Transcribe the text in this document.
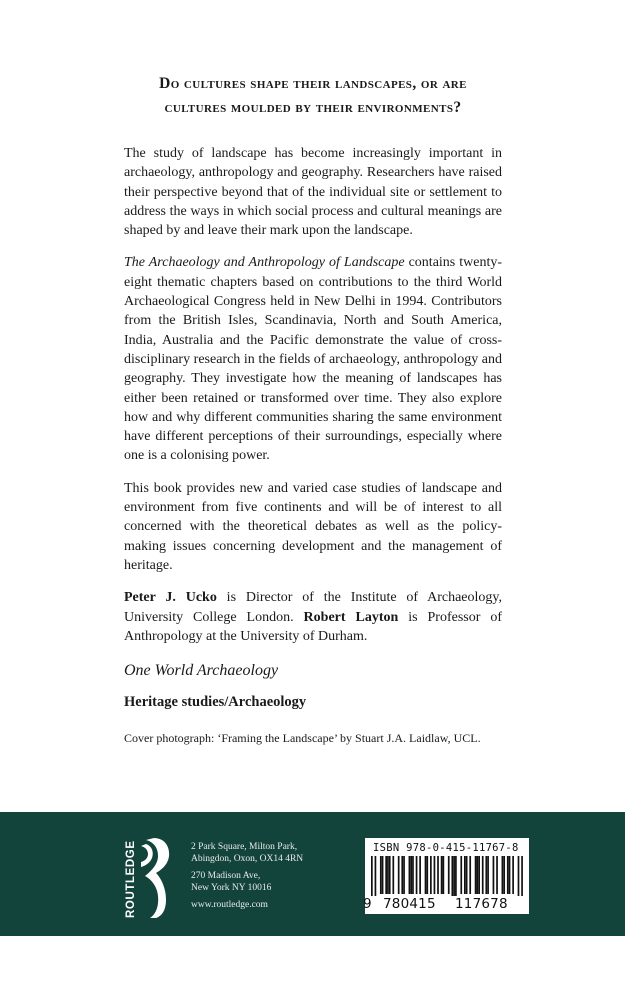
Do cultures shape their landscapes, or are
cultures moulded by their environments?

The study of landscape has become increasingly important in archaeology, anthropology and geography. Researchers have raised their perspective beyond that of the individual site or settlement to address the ways in which social process and cultural meanings are shaped by and leave their mark upon the landscape.

The Archaeology and Anthropology of Landscape contains twenty-eight thematic chapters based on contributions to the third World Archaeological Congress held in New Delhi in 1994. Contributors from the British Isles, Scandinavia, North and South America, India, Australia and the Pacific demonstrate the value of cross-disciplinary research in the fields of archaeology, anthropology and geography. They investigate how the meaning of landscapes has either been retained or transformed over time. They also explore how and why different communities sharing the same environment have different perceptions of their surroundings, especially where one is a colonising power.

This book provides new and varied case studies of landscape and environment from five continents and will be of interest to all concerned with the theoretical debates as well as the policy-making issues concerning development and the management of heritage.

Peter J. Ucko is Director of the Institute of Archaeology, University College London. Robert Layton is Professor of Anthropology at the University of Durham.

One World Archaeology
Heritage studies/Archaeology
Cover photograph: ‘Framing the Landscape’ by Stuart J.A. Laidlaw, UCL.
ROUTLEDGE	2 Park Square, Milton Park,
Abingdon, Oxon, OX14 4RN
270 Madison Ave,
New York NY 10016
www.routledge.com
ISBN 978-0-415-11767-8
9 780415 117678
